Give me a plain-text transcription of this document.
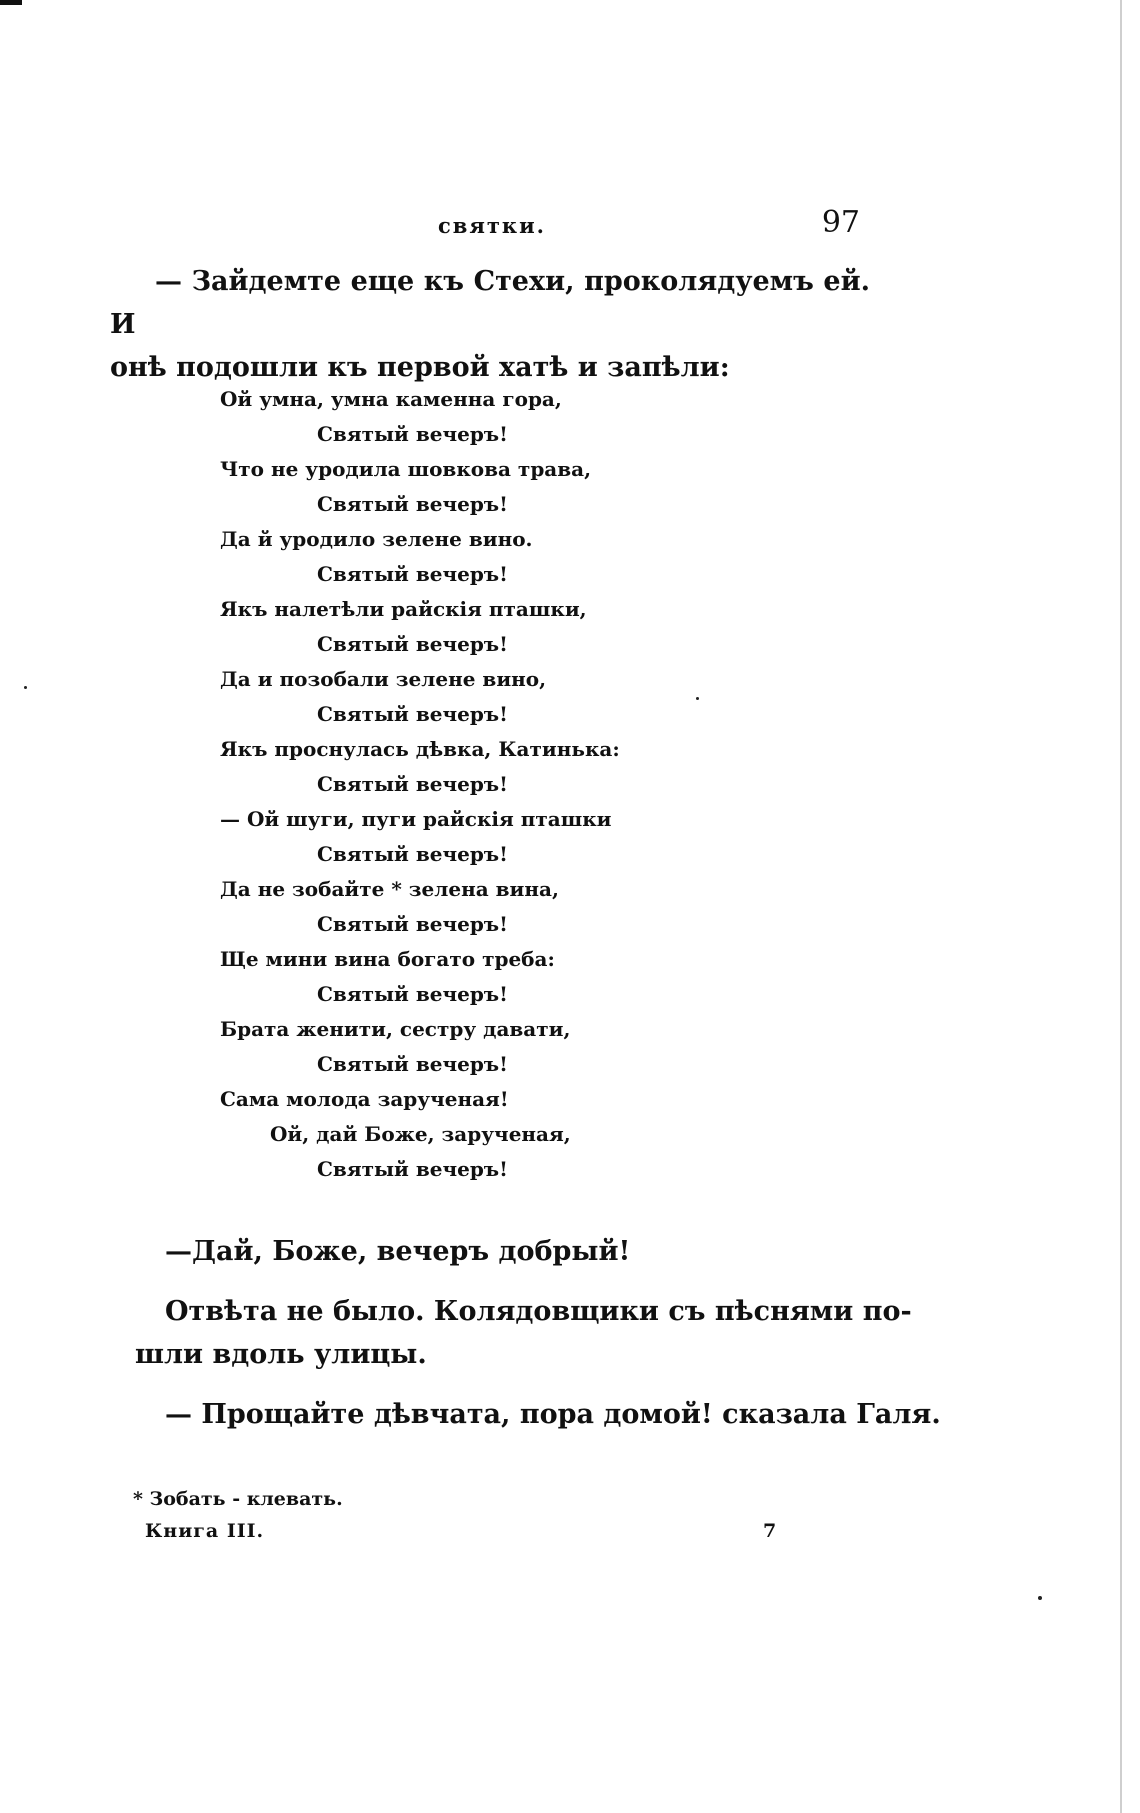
святки.	97

— Зайдемте еще къ Стехи, проколядуемъ ей. И

онѣ подошли къ первой хатѣ и запѣли:

Ой умна, умна каменна гора,
Святый вечеръ!
Что не уродила шовкова трава,
Святый вечеръ!
Да й уродило зелене вино.
Святый вечеръ!
Якъ налетѣли райскія пташки,
Святый вечеръ!
Да и позобали зелене вино,
Святый вечеръ!
Якъ проснулась дѣвка, Катинька:
Святый вечеръ!
— Ой шуги, пуги райскія пташки
Святый вечеръ!
Да не зобайте * зелена вина,
Святый вечеръ!
Ще мини вина богато треба:
Святый вечеръ!
Брата женити, сестру давати,
Святый вечеръ!
Сама молода зарученая!
Ой, дай Боже, зарученая,
Святый вечеръ!
—Дай, Боже, вечеръ добрый!
Отвѣта не было. Колядовщики съ пѣснями по-
шли вдоль улицы.
— Прощайте дѣвчата, пора домой! сказала Галя.
* Зобать - клевать.
Книга III.	7
